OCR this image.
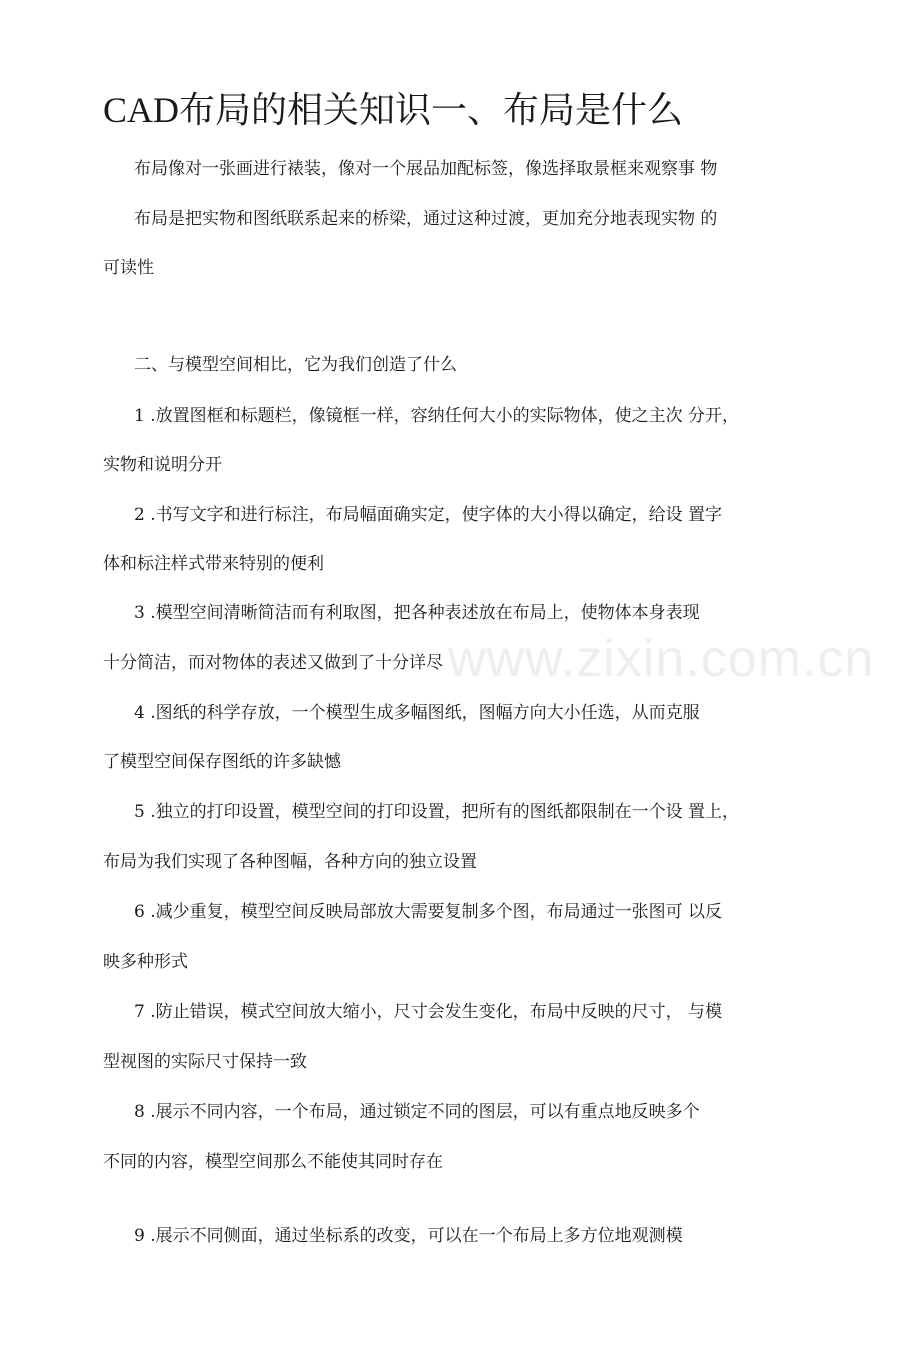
CAD布局的相关知识一、布局是什么
布局像对一张画进行裱装，像对一个展品加配标签，像选择取景框来观察事 物
布局是把实物和图纸联系起来的桥梁，通过这种过渡，更加充分地表现实物 的
可读性
二、与模型空间相比，它为我们创造了什么
1 .放置图框和标题栏，像镜框一样，容纳任何大小的实际物体，使之主次 分开，
实物和说明分开
2 .书写文字和进行标注，布局幅面确实定，使字体的大小得以确定，给设 置字
体和标注样式带来特别的便利
3 .模型空间清晰简洁而有利取图，把各种表述放在布局上，使物体本身表现
十分简洁，而对物体的表述又做到了十分详尽
4 .图纸的科学存放，一个模型生成多幅图纸，图幅方向大小任选，从而克服
了模型空间保存图纸的许多缺憾
5 .独立的打印设置，模型空间的打印设置，把所有的图纸都限制在一个设 置上，
布局为我们实现了各种图幅，各种方向的独立设置
6 .减少重复，模型空间反映局部放大需要复制多个图，布局通过一张图可 以反
映多种形式
7 .防止错误，模式空间放大缩小，尺寸会发生变化，布局中反映的尺寸， 与模
型视图的实际尺寸保持一致
8 .展示不同内容，一个布局，通过锁定不同的图层，可以有重点地反映多个
不同的内容，模型空间那么不能使其同时存在
9 .展示不同侧面，通过坐标系的改变，可以在一个布局上多方位地观测模
www.zixin.com.cn
